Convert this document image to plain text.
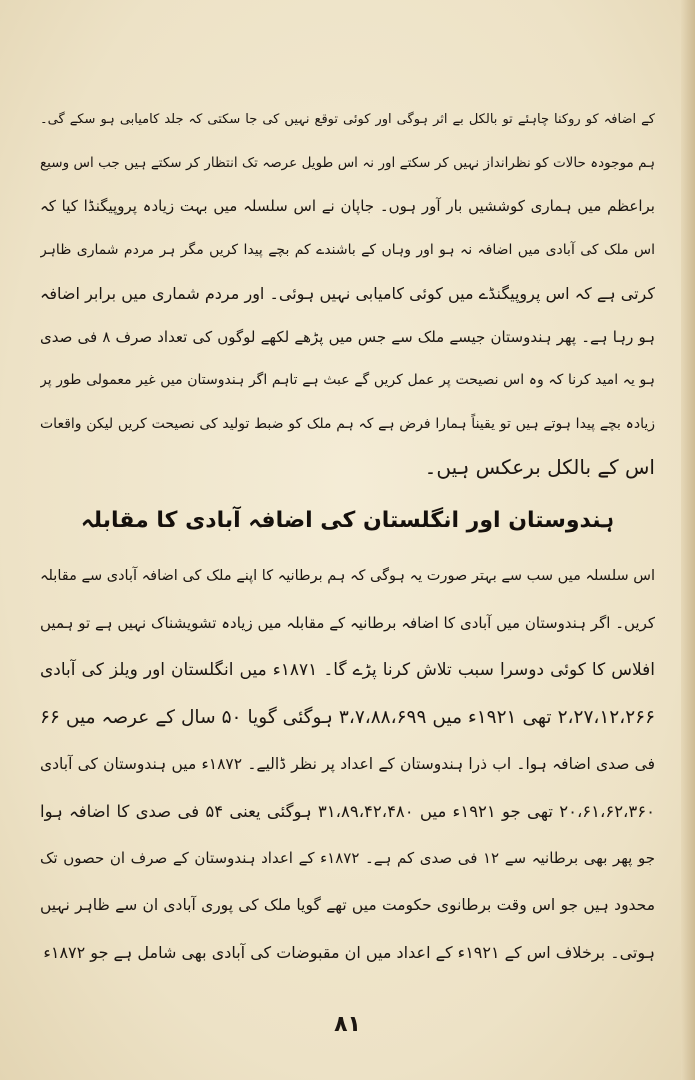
کے اضافہ کو روکنا چاہئے تو بالکل بے اثر ہوگی اور کوئی توقع نہیں کی جا سکتی کہ جلد کامیابی ہو سکے گی۔
ہم موجودہ حالات کو نظرانداز نہیں کر سکتے اور نہ اس طویل عرصہ تک انتظار کر سکتے ہیں جب اس وسیع
براعظم میں ہماری کوششیں بار آور ہوں۔ جاپان نے اس سلسلہ میں بہت زیادہ پروپیگنڈا کیا کہ
اس ملک کی آبادی میں اضافہ نہ ہو اور وہاں کے باشندے کم بچے پیدا کریں مگر ہر مردم شماری ظاہر
کرتی ہے کہ اس پروپیگنڈے میں کوئی کامیابی نہیں ہوئی۔ اور مردم شماری میں برابر اضافہ
ہو رہا ہے۔ پھر ہندوستان جیسے ملک سے جس میں پڑھے لکھے لوگوں کی تعداد صرف ۸ فی صدی
ہو یہ امید کرنا کہ وہ اس نصیحت پر عمل کریں گے عبث ہے تاہم اگر ہندوستان میں غیر معمولی طور پر
زیادہ بچے پیدا ہوتے ہیں تو یقیناً ہمارا فرض ہے کہ ہم ملک کو ضبط تولید کی نصیحت کریں لیکن واقعات
اس کے بالکل برعکس ہیں۔
ہندوستان اور انگلستان کی اضافہ آبادی کا مقابلہ
اس سلسلہ میں سب سے بہتر صورت یہ ہوگی کہ ہم برطانیہ کا اپنے ملک کی اضافہ آبادی سے مقابلہ
کریں۔ اگر ہندوستان میں آبادی کا اضافہ برطانیہ کے مقابلہ میں زیادہ تشویشناک نہیں ہے تو ہمیں
افلاس کا کوئی دوسرا سبب تلاش کرنا پڑے گا۔ ۱۸۷۱ء میں انگلستان اور ویلز کی آبادی
۲،۲۷،۱۲،۲۶۶ تھی ۱۹۲۱ء میں ۳،۷،۸۸،۶۹۹ ہوگئی گویا ۵۰ سال کے عرصہ میں ۶۶
فی صدی اضافہ ہوا۔ اب ذرا ہندوستان کے اعداد پر نظر ڈالیے۔ ۱۸۷۲ء میں ہندوستان کی آبادی
۲۰،۶۱،۶۲،۳۶۰ تھی جو ۱۹۲۱ء میں ۳۱،۸۹،۴۲،۴۸۰ ہوگئی یعنی ۵۴ فی صدی کا اضافہ ہوا
جو پھر بھی برطانیہ سے ۱۲ فی صدی کم ہے۔ ۱۸۷۲ء کے اعداد ہندوستان کے صرف ان حصوں تک
محدود ہیں جو اس وقت برطانوی حکومت میں تھے گویا ملک کی پوری آبادی ان سے ظاہر نہیں
ہوتی۔ برخلاف اس کے ۱۹۲۱ء کے اعداد میں ان مقبوضات کی آبادی بھی شامل ہے جو ۱۸۷۲ء
۸۱
